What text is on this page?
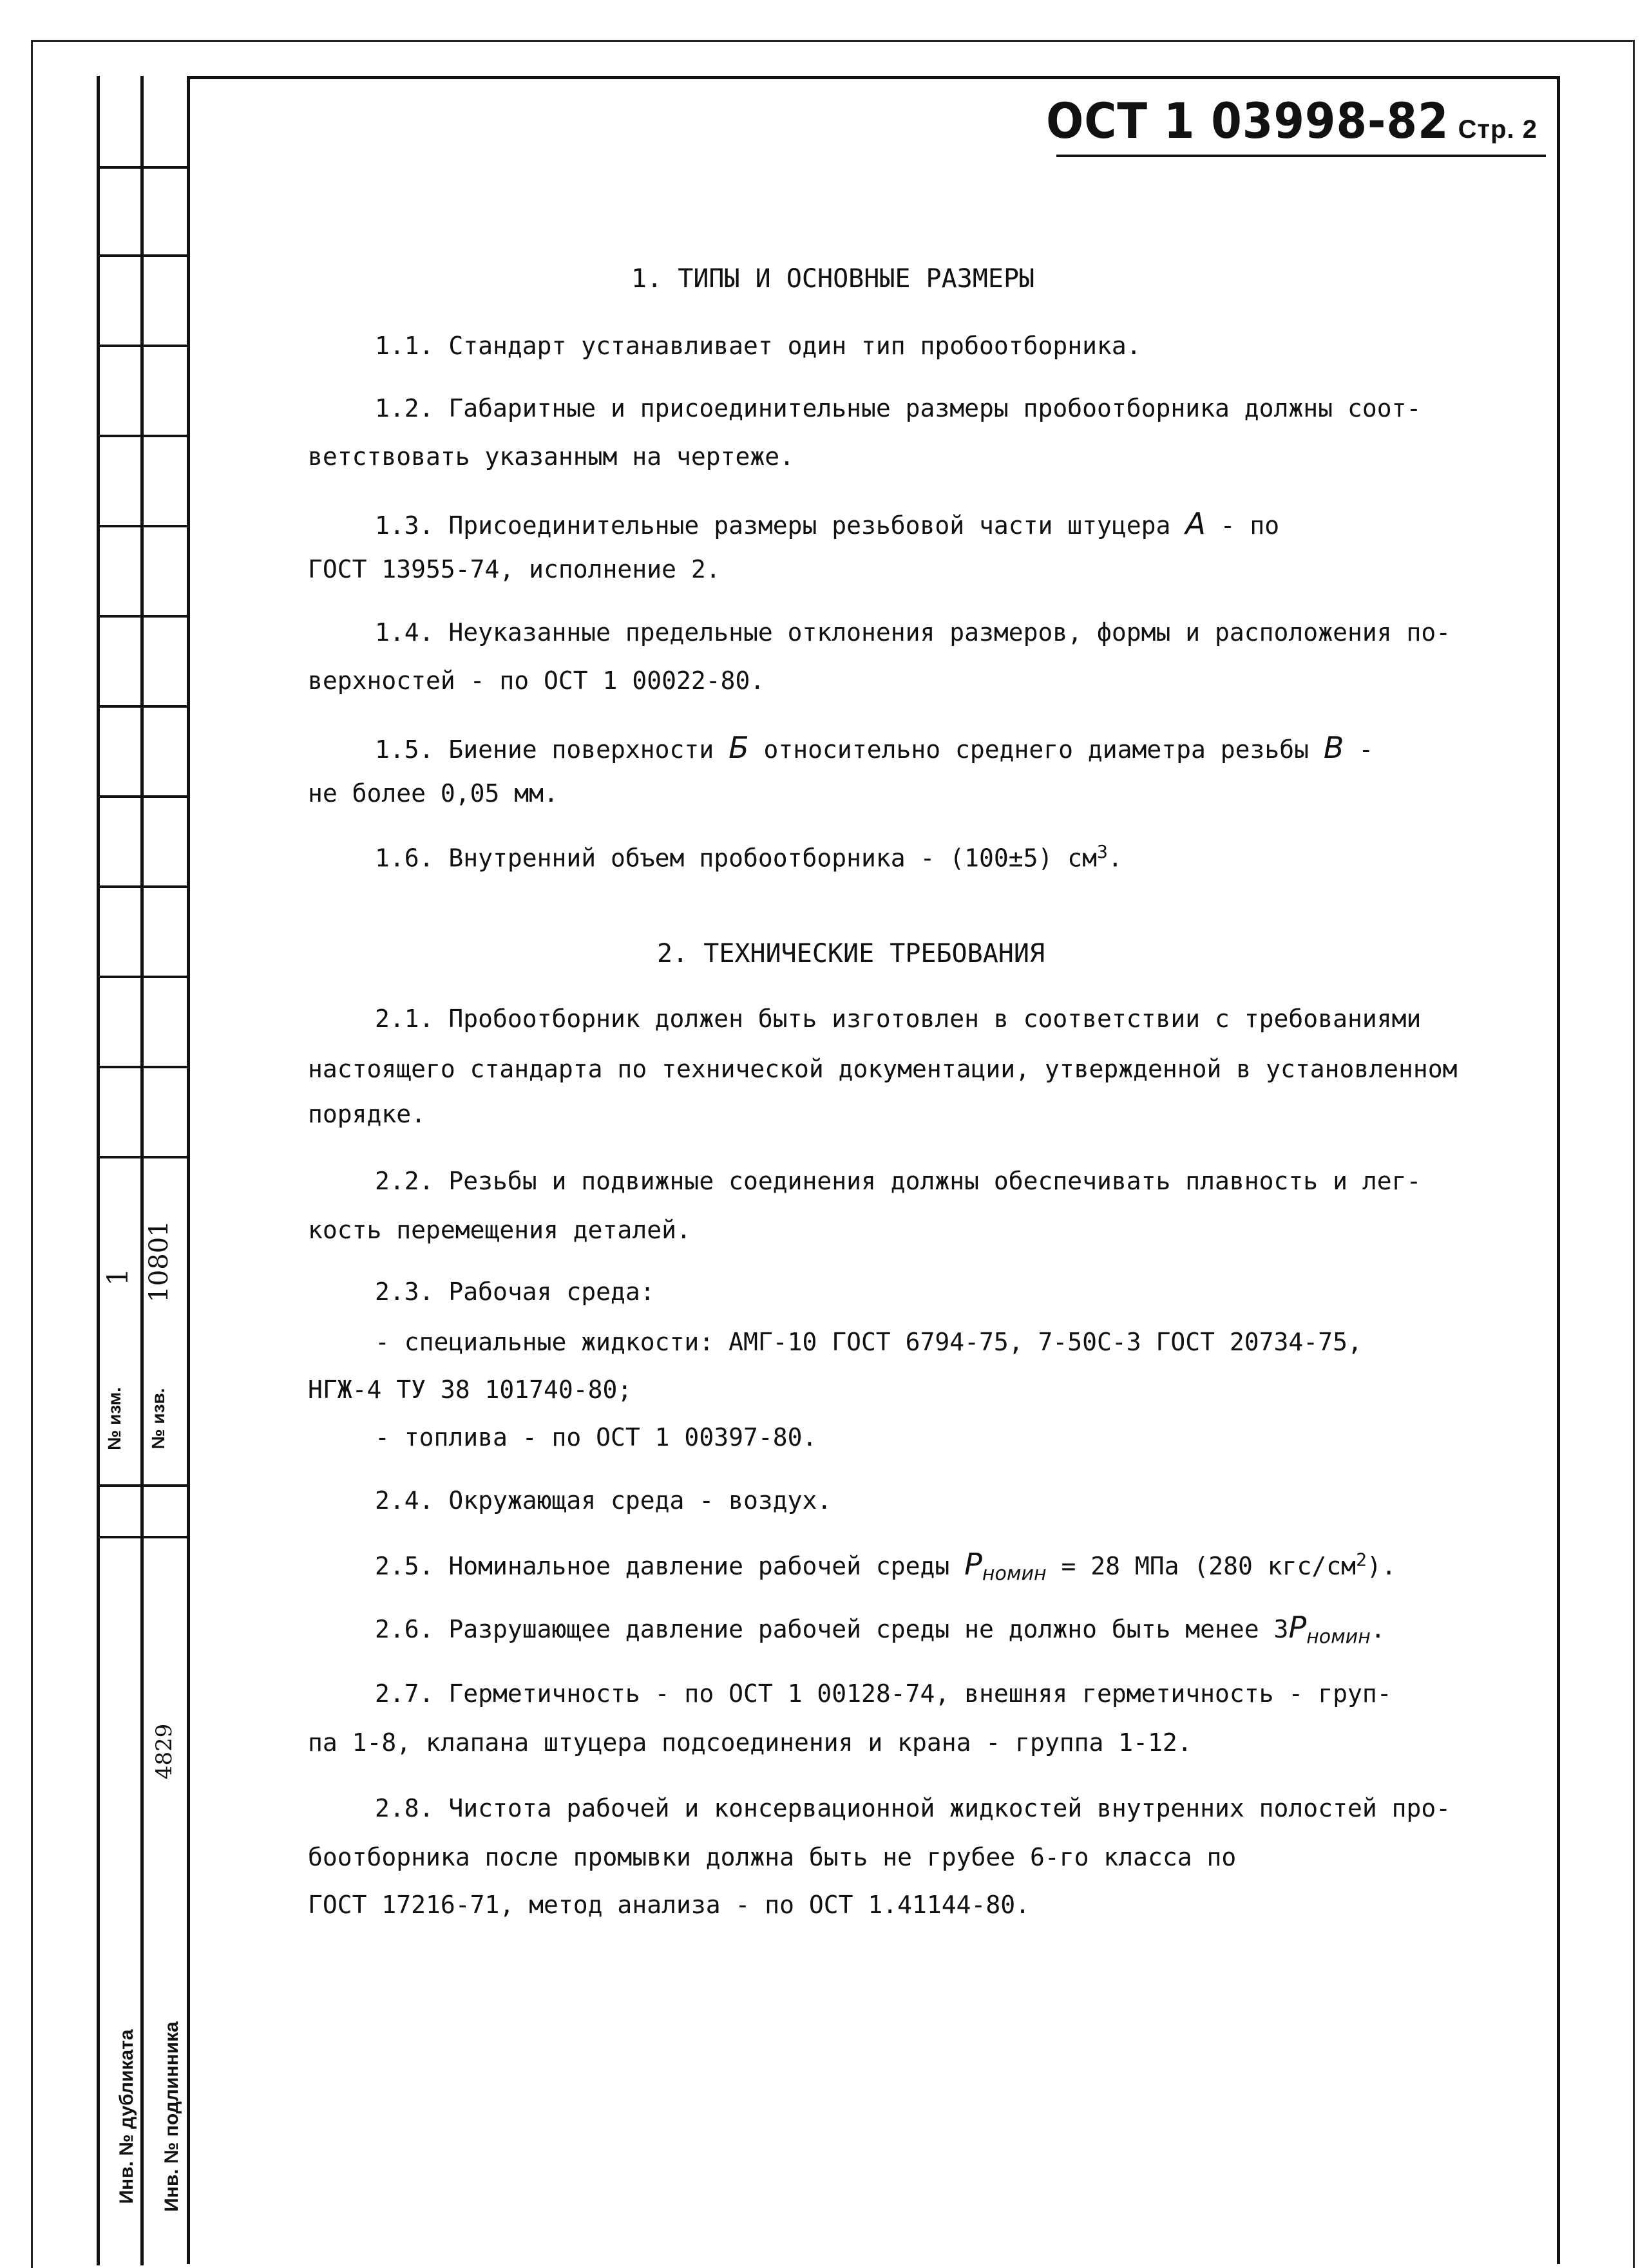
1 10801
№ изм. № изв.
4829
Инв. № дубликата Инв. № подлинника
ОСТ 1 03998-82 Стр. 2
1. ТИПЫ И ОСНОВНЫЕ РАЗМЕРЫ
1.1. Стандарт устанавливает один тип пробоотборника.
1.2. Габаритные и присоединительные размеры пробоотборника должны соот-
ветствовать указанным на чертеже.
1.3. Присоединительные размеры резьбовой части штуцера А - по
ГОСТ 13955-74, исполнение 2.
1.4. Неуказанные предельные отклонения размеров, формы и расположения по-
верхностей - по ОСТ 1 00022-80.
1.5. Биение поверхности Б относительно среднего диаметра резьбы В -
не более 0,05 мм.
1.6. Внутренний объем пробоотборника - (100±5) $см^3$.
2. ТЕХНИЧЕСКИЕ ТРЕБОВАНИЯ
2.1. Пробоотборник должен быть изготовлен в соответствии с требованиями
настоящего стандарта по технической документации, утвержденной в установленном
порядке.
2.2. Резьбы и подвижные соединения должны обеспечивать плавность и лег-
кость перемещения деталей.
2.3. Рабочая среда:
- специальные жидкости: АМГ-10 ГОСТ 6794-75, 7-50С-3 ГОСТ 20734-75,
НГЖ-4 ТУ 38 101740-80;
- топлива - по ОСТ 1 00397-80.
2.4. Окружающая среда - воздух.
2.5. Номинальное давление рабочей среды $P_{номин} = 28$ МПа (280 кгс/$см^2$).
2.6. Разрушающее давление рабочей среды не должно быть менее $3P_{номин}$.
2.7. Герметичность - по ОСТ 1 00128-74, внешняя герметичность - груп-
па 1-8, клапана штуцера подсоединения и крана - группа 1-12.
2.8. Чистота рабочей и консервационной жидкостей внутренних полостей про-
боотборника после промывки должна быть не грубее 6-го класса по
ГОСТ 17216-71, метод анализа - по ОСТ 1.41144-80.
